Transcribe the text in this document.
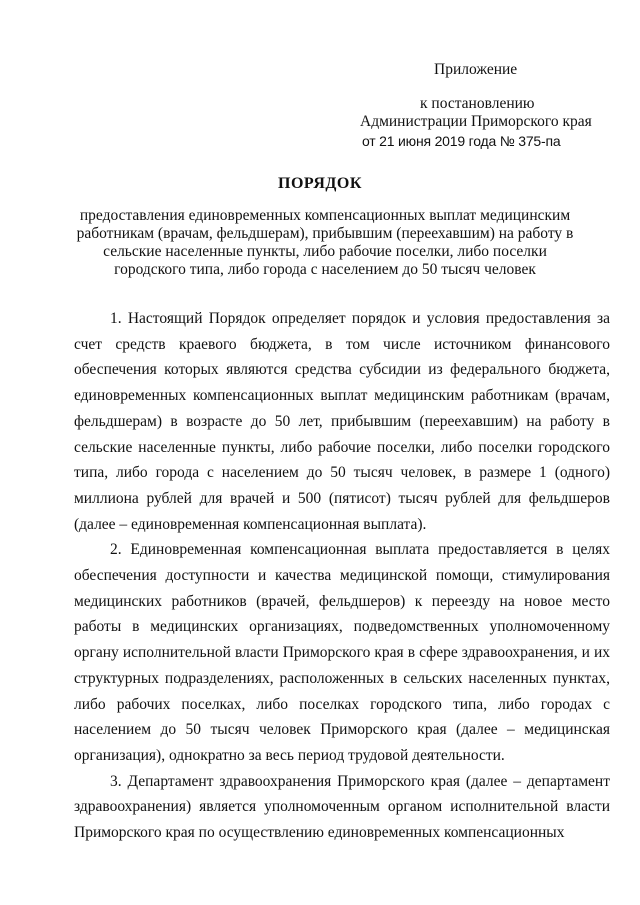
Приложение
к постановлению
Администрации Приморского края
от 21 июня 2019 года № 375-па
ПОРЯДОК
предоставления единовременных компенсационных выплат медицинским работникам (врачам, фельдшерам), прибывшим (переехавшим) на работу в сельские населенные пункты, либо рабочие поселки, либо поселки городского типа, либо города с населением до 50 тысяч человек

1. Настоящий Порядок определяет порядок и условия предоставления за счет средств краевого бюджета, в том числе источником финансового обеспечения которых являются средства субсидии из федерального бюджета, единовременных компенсационных выплат медицинским работникам (врачам, фельдшерам) в возрасте до 50 лет, прибывшим (переехавшим) на работу в сельские населенные пункты, либо рабочие поселки, либо поселки городского типа, либо города с населением до 50 тысяч человек, в размере 1 (одного) миллиона рублей для врачей и 500 (пятисот) тысяч рублей для фельдшеров (далее – единовременная компенсационная выплата).

2. Единовременная компенсационная выплата предоставляется в целях обеспечения доступности и качества медицинской помощи, стимулирования медицинских работников (врачей, фельдшеров) к переезду на новое место работы в медицинских организациях, подведомственных уполномоченному органу исполнительной власти Приморского края в сфере здравоохранения, и их структурных подразделениях, расположенных в сельских населенных пунктах, либо рабочих поселках, либо поселках городского типа, либо городах с населением до 50 тысяч человек Приморского края (далее – медицинская организация), однократно за весь период трудовой деятельности.

3. Департамент здравоохранения Приморского края (далее – департамент здравоохранения) является уполномоченным органом исполнительной власти Приморского края по осуществлению единовременных компенсационных
